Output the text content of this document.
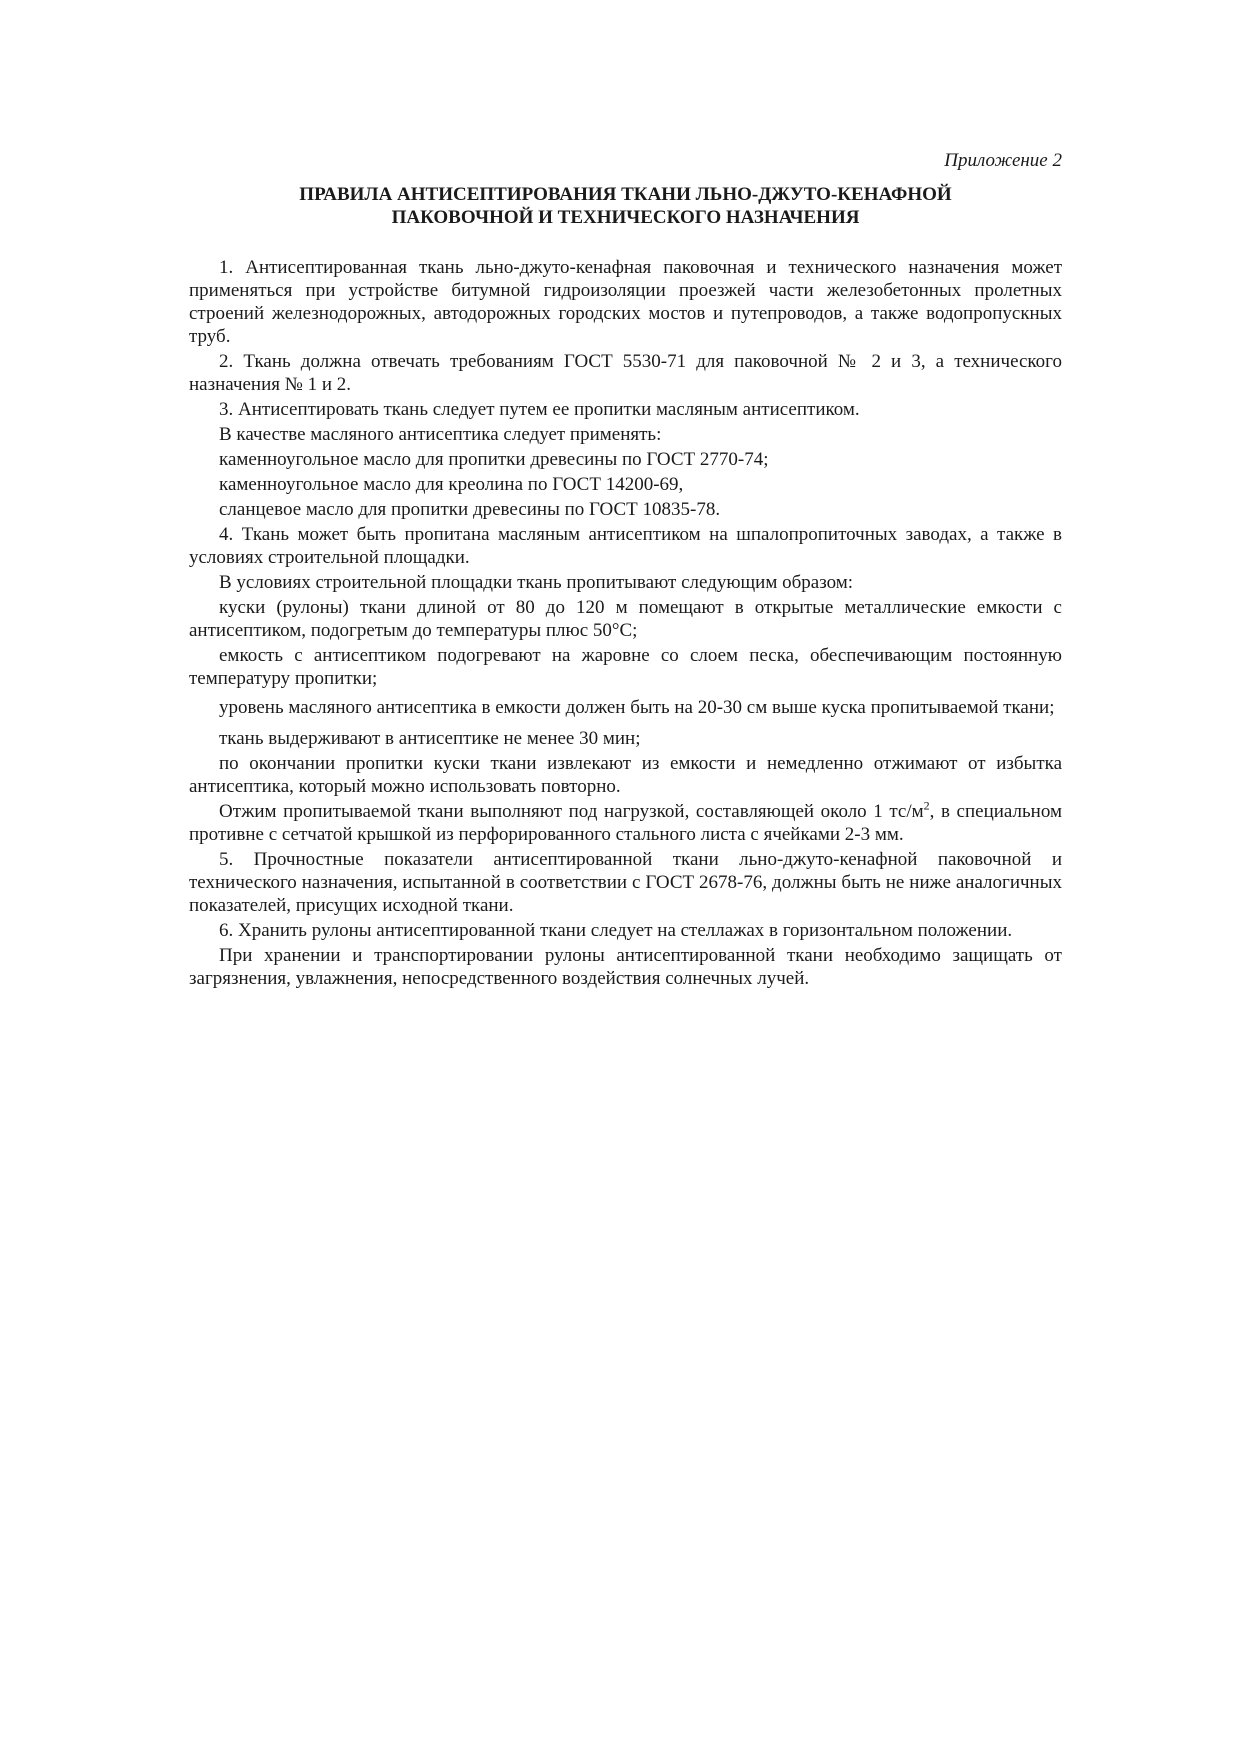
Приложение 2
ПРАВИЛА АНТИСЕПТИРОВАНИЯ ТКАНИ ЛЬНО-ДЖУТО-КЕНАФНОЙ
ПАКОВОЧНОЙ И ТЕХНИЧЕСКОГО НАЗНАЧЕНИЯ

1. Антисептированная ткань льно-джуто-кенафная паковочная и технического назначения может применяться при устройстве битумной гидроизоляции проезжей части железобетонных пролетных строений железнодорожных, автодорожных городских мостов и путепроводов, а также водопропускных труб.

2. Ткань должна отвечать требованиям ГОСТ 5530-71 для паковочной № 2 и 3, а технического назначения № 1 и 2.

3. Антисептировать ткань следует путем ее пропитки масляным антисептиком.

В качестве масляного антисептика следует применять:

каменноугольное масло для пропитки древесины по ГОСТ 2770-74;

каменноугольное масло для креолина по ГОСТ 14200-69,

сланцевое масло для пропитки древесины по ГОСТ 10835-78.

4. Ткань может быть пропитана масляным антисептиком на шпалопропиточных заводах, а также в условиях строительной площадки.

В условиях строительной площадки ткань пропитывают следующим образом:

куски (рулоны) ткани длиной от 80 до 120 м помещают в открытые металлические емкости с антисептиком, подогретым до температуры плюс 50°С;

емкость с антисептиком подогревают на жаровне со слоем песка, обеспечивающим постоянную температуру пропитки;

уровень масляного антисептика в емкости должен быть на 20-30 см выше куска пропитываемой ткани;

ткань выдерживают в антисептике не менее 30 мин;

по окончании пропитки куски ткани извлекают из емкости и немедленно отжимают от избытка антисептика, который можно использовать повторно.

Отжим пропитываемой ткани выполняют под нагрузкой, составляющей около 1 $тс/м^2$, в специальном противне с сетчатой крышкой из перфорированного стального листа с ячейками 2-3 мм.

5. Прочностные показатели антисептированной ткани льно-джуто-кенафной паковочной и технического назначения, испытанной в соответствии с ГОСТ 2678-76, должны быть не ниже аналогичных показателей, присущих исходной ткани.

6. Хранить рулоны антисептированной ткани следует на стеллажах в горизонтальном положении.

При хранении и транспортировании рулоны антисептированной ткани необходимо защищать от загрязнения, увлажнения, непосредственного воздействия солнечных лучей.
